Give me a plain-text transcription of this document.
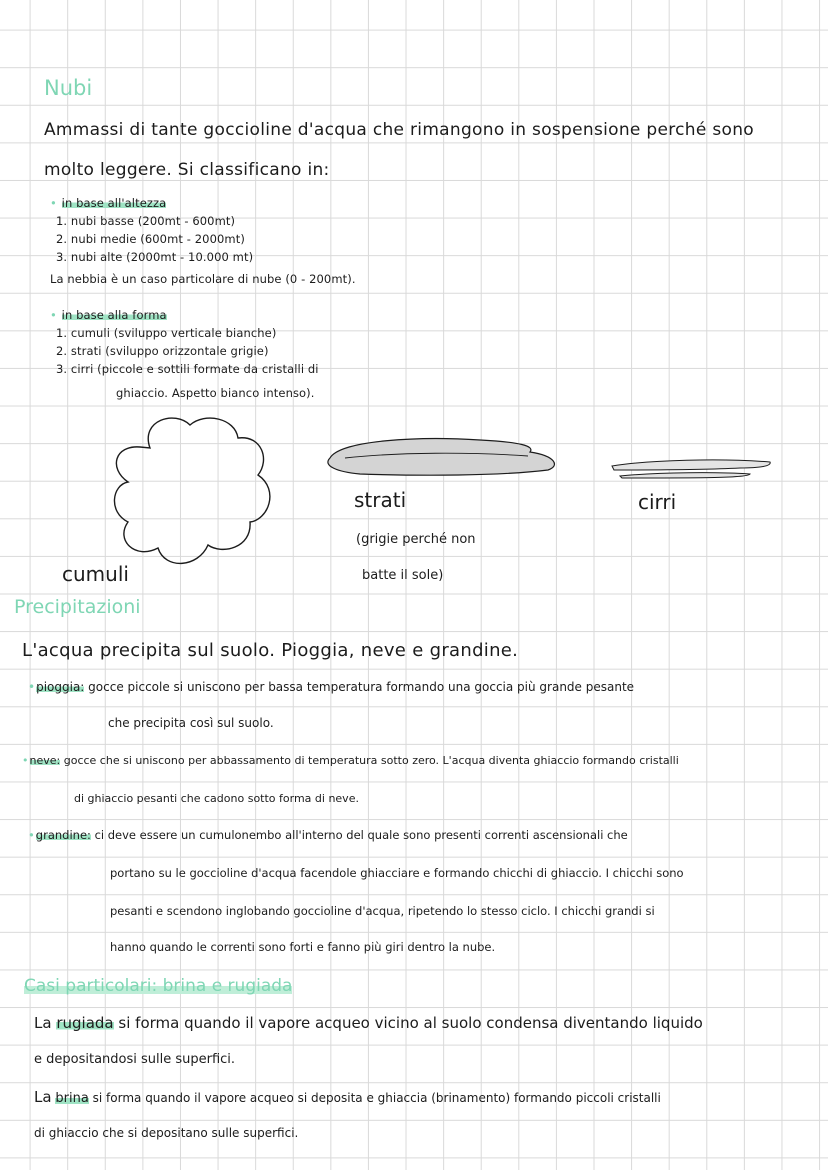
Nubi
Ammassi di tante goccioline d'acqua che rimangono in sospensione perché sono
molto leggere. Si classificano in:
• in base all'altezza
1. nubi basse (200mt - 600mt)
2. nubi medie (600mt - 2000mt)
3. nubi alte (2000mt - 10.000 mt)
La nebbia è un caso particolare di nube (0 - 200mt).
• in base alla forma
1. cumuli (sviluppo verticale bianche)
2. strati (sviluppo orizzontale grigie)
3. cirri (piccole e sottili formate da cristalli di
ghiaccio. Aspetto bianco intenso).
cumuli
strati
(grigie perché non
batte il sole)
cirri
Precipitazioni
L'acqua precipita sul suolo. Pioggia, neve e grandine.
• pioggia: gocce piccole si uniscono per bassa temperatura formando una goccia più grande pesante
che precipita così sul suolo.
• neve: gocce che si uniscono per abbassamento di temperatura sotto zero. L'acqua diventa ghiaccio formando cristalli
di ghiaccio pesanti che cadono sotto forma di neve.
• grandine: ci deve essere un cumulonembo all'interno del quale sono presenti correnti ascensionali che
portano su le goccioline d'acqua facendole ghiacciare e formando chicchi di ghiaccio. I chicchi sono
pesanti e scendono inglobando goccioline d'acqua, ripetendo lo stesso ciclo. I chicchi grandi si
hanno quando le correnti sono forti e fanno più giri dentro la nube.
Casi particolari: brina e rugiada
La rugiada si forma quando il vapore acqueo vicino al suolo condensa diventando liquido
e depositandosi sulle superfici.
La brina si forma quando il vapore acqueo si deposita e ghiaccia (brinamento) formando piccoli cristalli
di ghiaccio che si depositano sulle superfici.
